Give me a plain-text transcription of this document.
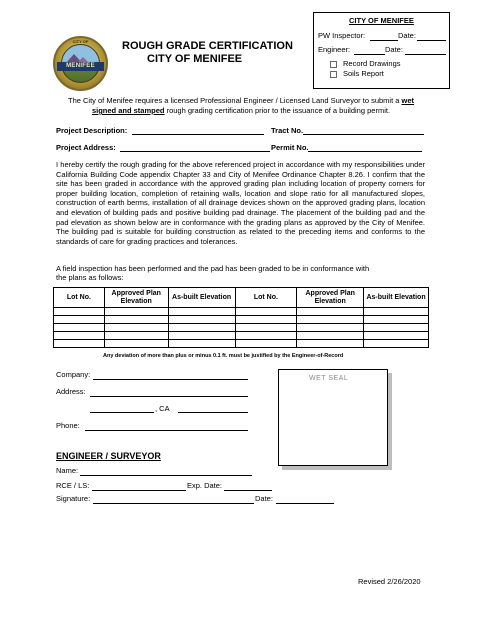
CITY OF
MENIFEE
ROUGH GRADE CERTIFICATION
CITY OF MENIFEE
CITY OF MENIFEE
PW Inspector:	Date:
Engineer:	Date:
Record Drawings
Soils Report
The City of Menifee requires a licensed Professional Engineer / Licensed Land Surveyor to submit a wet
signed and stamped rough grading certification prior to the issuance of a building permit.
Project Description:	Tract No.
Project Address:	Permit No.
I hereby certify the rough grading for the above referenced project in accordance with my responsibilities under California Building Code appendix Chapter 33 and City of Menifee Ordinance Chapter 8.26. I confirm that the site has been graded in accordance with the approved grading plan including location of property corners for proper building location, completion of retaining walls, location and slope ratio for all manufactured slopes, construction of earth berms, installation of all drainage devices shown on the approved grading plans, location and elevation of building pads and positive building pad drainage. The placement of the building pad and the pad elevation as shown below are in conformance with the grading plans as approved by the City of Menifee. The building pad is suitable for building construction as related to the preceding items and conforms to the standards of care for grading practices and tolerances.
A field inspection has been performed and the pad has been graded to be in conformance with
the plans as follows:
Lot No.	Approved Plan Elevation	As-built Elevation	Lot No.	Approved Plan Elevation	As-built Elevation

Any deviation of more than plus or minus 0.1 ft. must be justified by the Engineer-of-Record
Company:
Address:
, CA
Phone:
WET SEAL
ENGINEER / SURVEYOR
Name:
RCE / LS:	Exp. Date:
Signature:	Date:
Revised 2/26/2020
